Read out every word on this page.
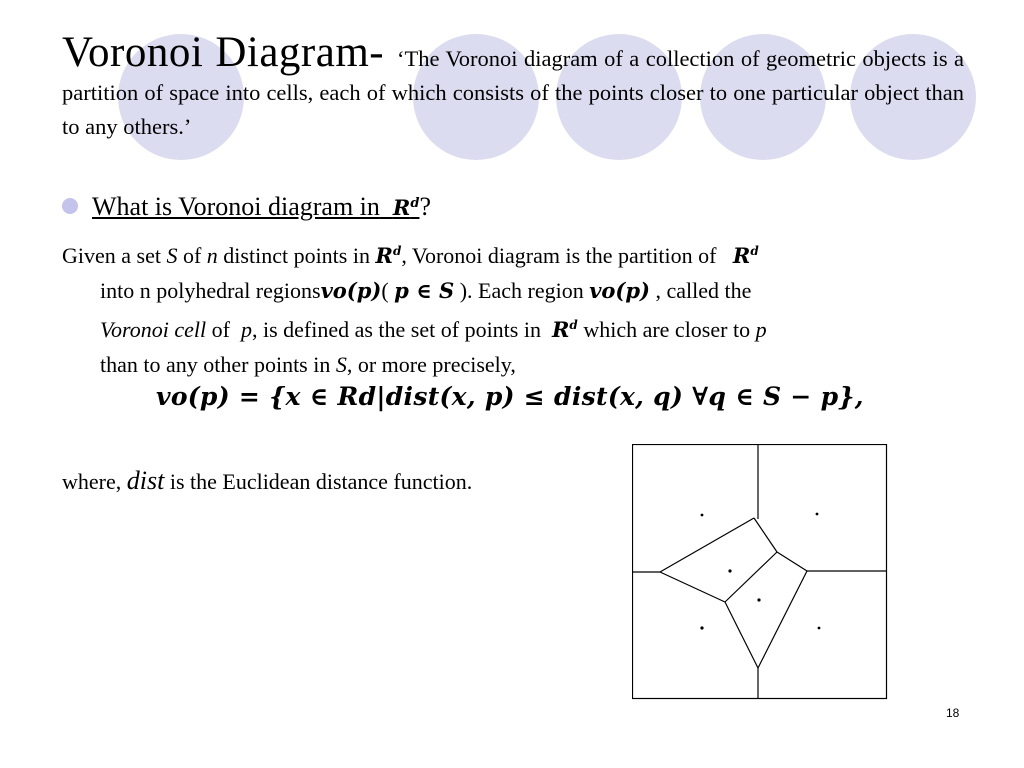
Voronoi Diagram- ‘The Voronoi diagram of a collection of geometric objects is a partition of space into cells, each of which consists of the points closer to one particular object than to any others.’
What is Voronoi diagram in $R^d$?
Given a set S of n distinct points in $R^d$, Voronoi diagram is the partition of   $R^d$
into n polyhedral regionsvo(p)( p ∈ S ). Each region vo(p) , called the
Voronoi cell of  p, is defined as the set of points in  $R^d$ which are closer to p
than to any other points in S, or more precisely,
vo(p) = {x ∈ Rd|dist(x, p) ≤ dist(x, q) ∀q ∈ S − p},
where, dist is the Euclidean distance function.
18
